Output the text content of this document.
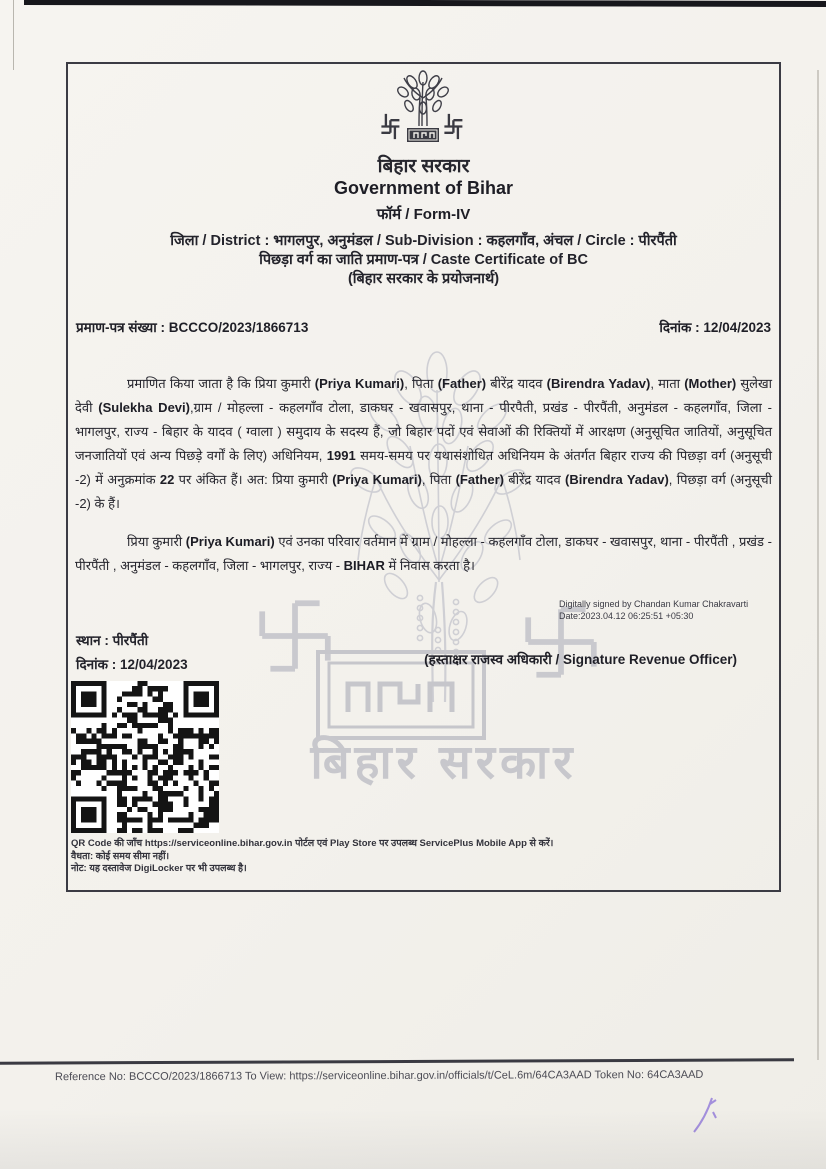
बिहार सरकार
बिहार सरकार
Government of Bihar
फॉर्म / Form-IV
जिला / District : भागलपुर, अनुमंडल / Sub-Division : कहलगाँव, अंचल / Circle : पीरपैंती
पिछड़ा वर्ग का जाति प्रमाण-पत्र / Caste Certificate of BC
(बिहार सरकार के प्रयोजनार्थ)
प्रमाण-पत्र संख्या : BCCCO/2023/1866713	दिनांक : 12/04/2023

प्रमाणित किया जाता है कि प्रिया कुमारी (Priya Kumari), पिता (Father) बीरेंद्र यादव (Birendra Yadav), माता (Mother) सुलेखा देवी (Sulekha Devi),ग्राम / मोहल्ला - कहलगाँव टोला, डाकघर - खवासपुर, थाना - पीरपैती, प्रखंड - पीरपैंती, अनुमंडल - कहलगाँव, जिला - भागलपुर, राज्य - बिहार के यादव ( ग्वाला ) समुदाय के सदस्य हैं, जो बिहार पदों एवं सेवाओं की रिक्तियों में आरक्षण (अनुसूचित जातियों, अनुसूचित जनजातियों एवं अन्य पिछड़े वर्गों के लिए) अधिनियम, 1991 समय-समय पर यथासंशोधित अधिनियम के अंतर्गत बिहार राज्य की पिछड़ा वर्ग (अनुसूची -2) में अनुक्रमांक 22 पर अंकित हैं। अत: प्रिया कुमारी (Priya Kumari), पिता (Father) बीरेंद्र यादव (Birendra Yadav), पिछड़ा वर्ग (अनुसूची -2) के हैं।

प्रिया कुमारी (Priya Kumari) एवं उनका परिवार वर्तमान में ग्राम / मोहल्ला - कहलगाँव टोला, डाकघर - खवासपुर, थाना - पीरपैंती , प्रखंड - पीरपैंती , अनुमंडल - कहलगाँव, जिला - भागलपुर, राज्य - BIHAR में निवास करता है।

Digitally signed by Chandan Kumar Chakravarti
Date:2023.04.12 06:25:51 +05:30
स्थान : पीरपैंती
दिनांक : 12/04/2023	(हस्ताक्षर राजस्व अधिकारी / Signature Revenue Officer)
QR Code की जाँच https://serviceonline.bihar.gov.in पोर्टल एवं Play Store पर उपलब्ध ServicePlus Mobile App से करें।
वैधता: कोई समय सीमा नहीं।
नोट: यह दस्तावेज DigiLocker पर भी उपलब्ध है।
Reference No: BCCCO/2023/1866713 To View: https://serviceonline.bihar.gov.in/officials/t/CeL.6m/64CA3AAD Token No: 64CA3AAD
